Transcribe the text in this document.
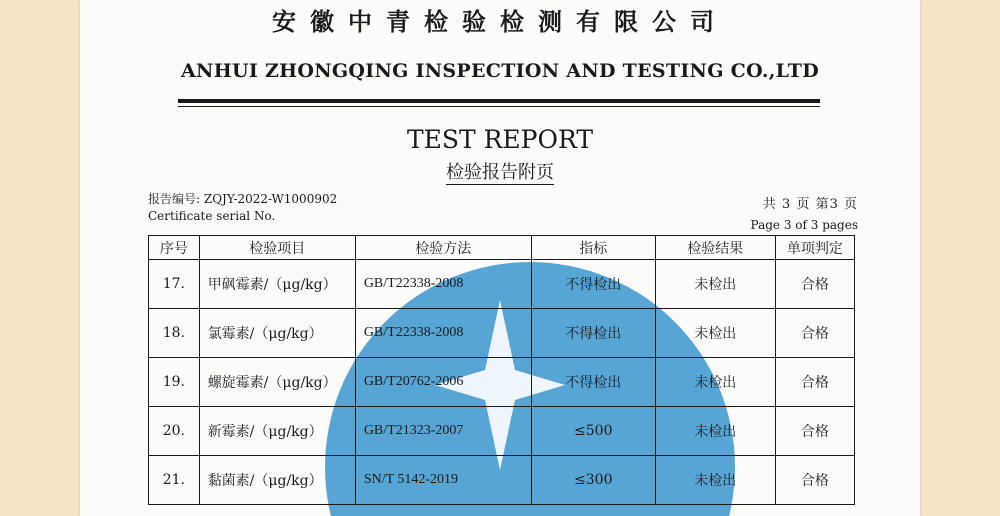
安徽中青检验检测有限公司
ANHUI ZHONGQING INSPECTION AND TESTING CO.,LTD
TEST REPORT
检验报告附页
报告编号: ZQJY-2022-W1000902
Certificate serial No.
共 3 页 第3 页
Page 3 of 3 pages
序号	检验项目	检验方法	指标	检验结果	单项判定
17.	甲砜霉素/（μg/kg）	GB/T22338-2008	不得检出	未检出	合格
18.	氯霉素/（μg/kg）	GB/T22338-2008	不得检出	未检出	合格
19.	螺旋霉素/（μg/kg）	GB/T20762-2006	不得检出	未检出	合格
20.	新霉素/（μg/kg）	GB/T21323-2007	≤500	未检出	合格
21.	黏菌素/（μg/kg）	SN/T 5142-2019	≤300	未检出	合格
